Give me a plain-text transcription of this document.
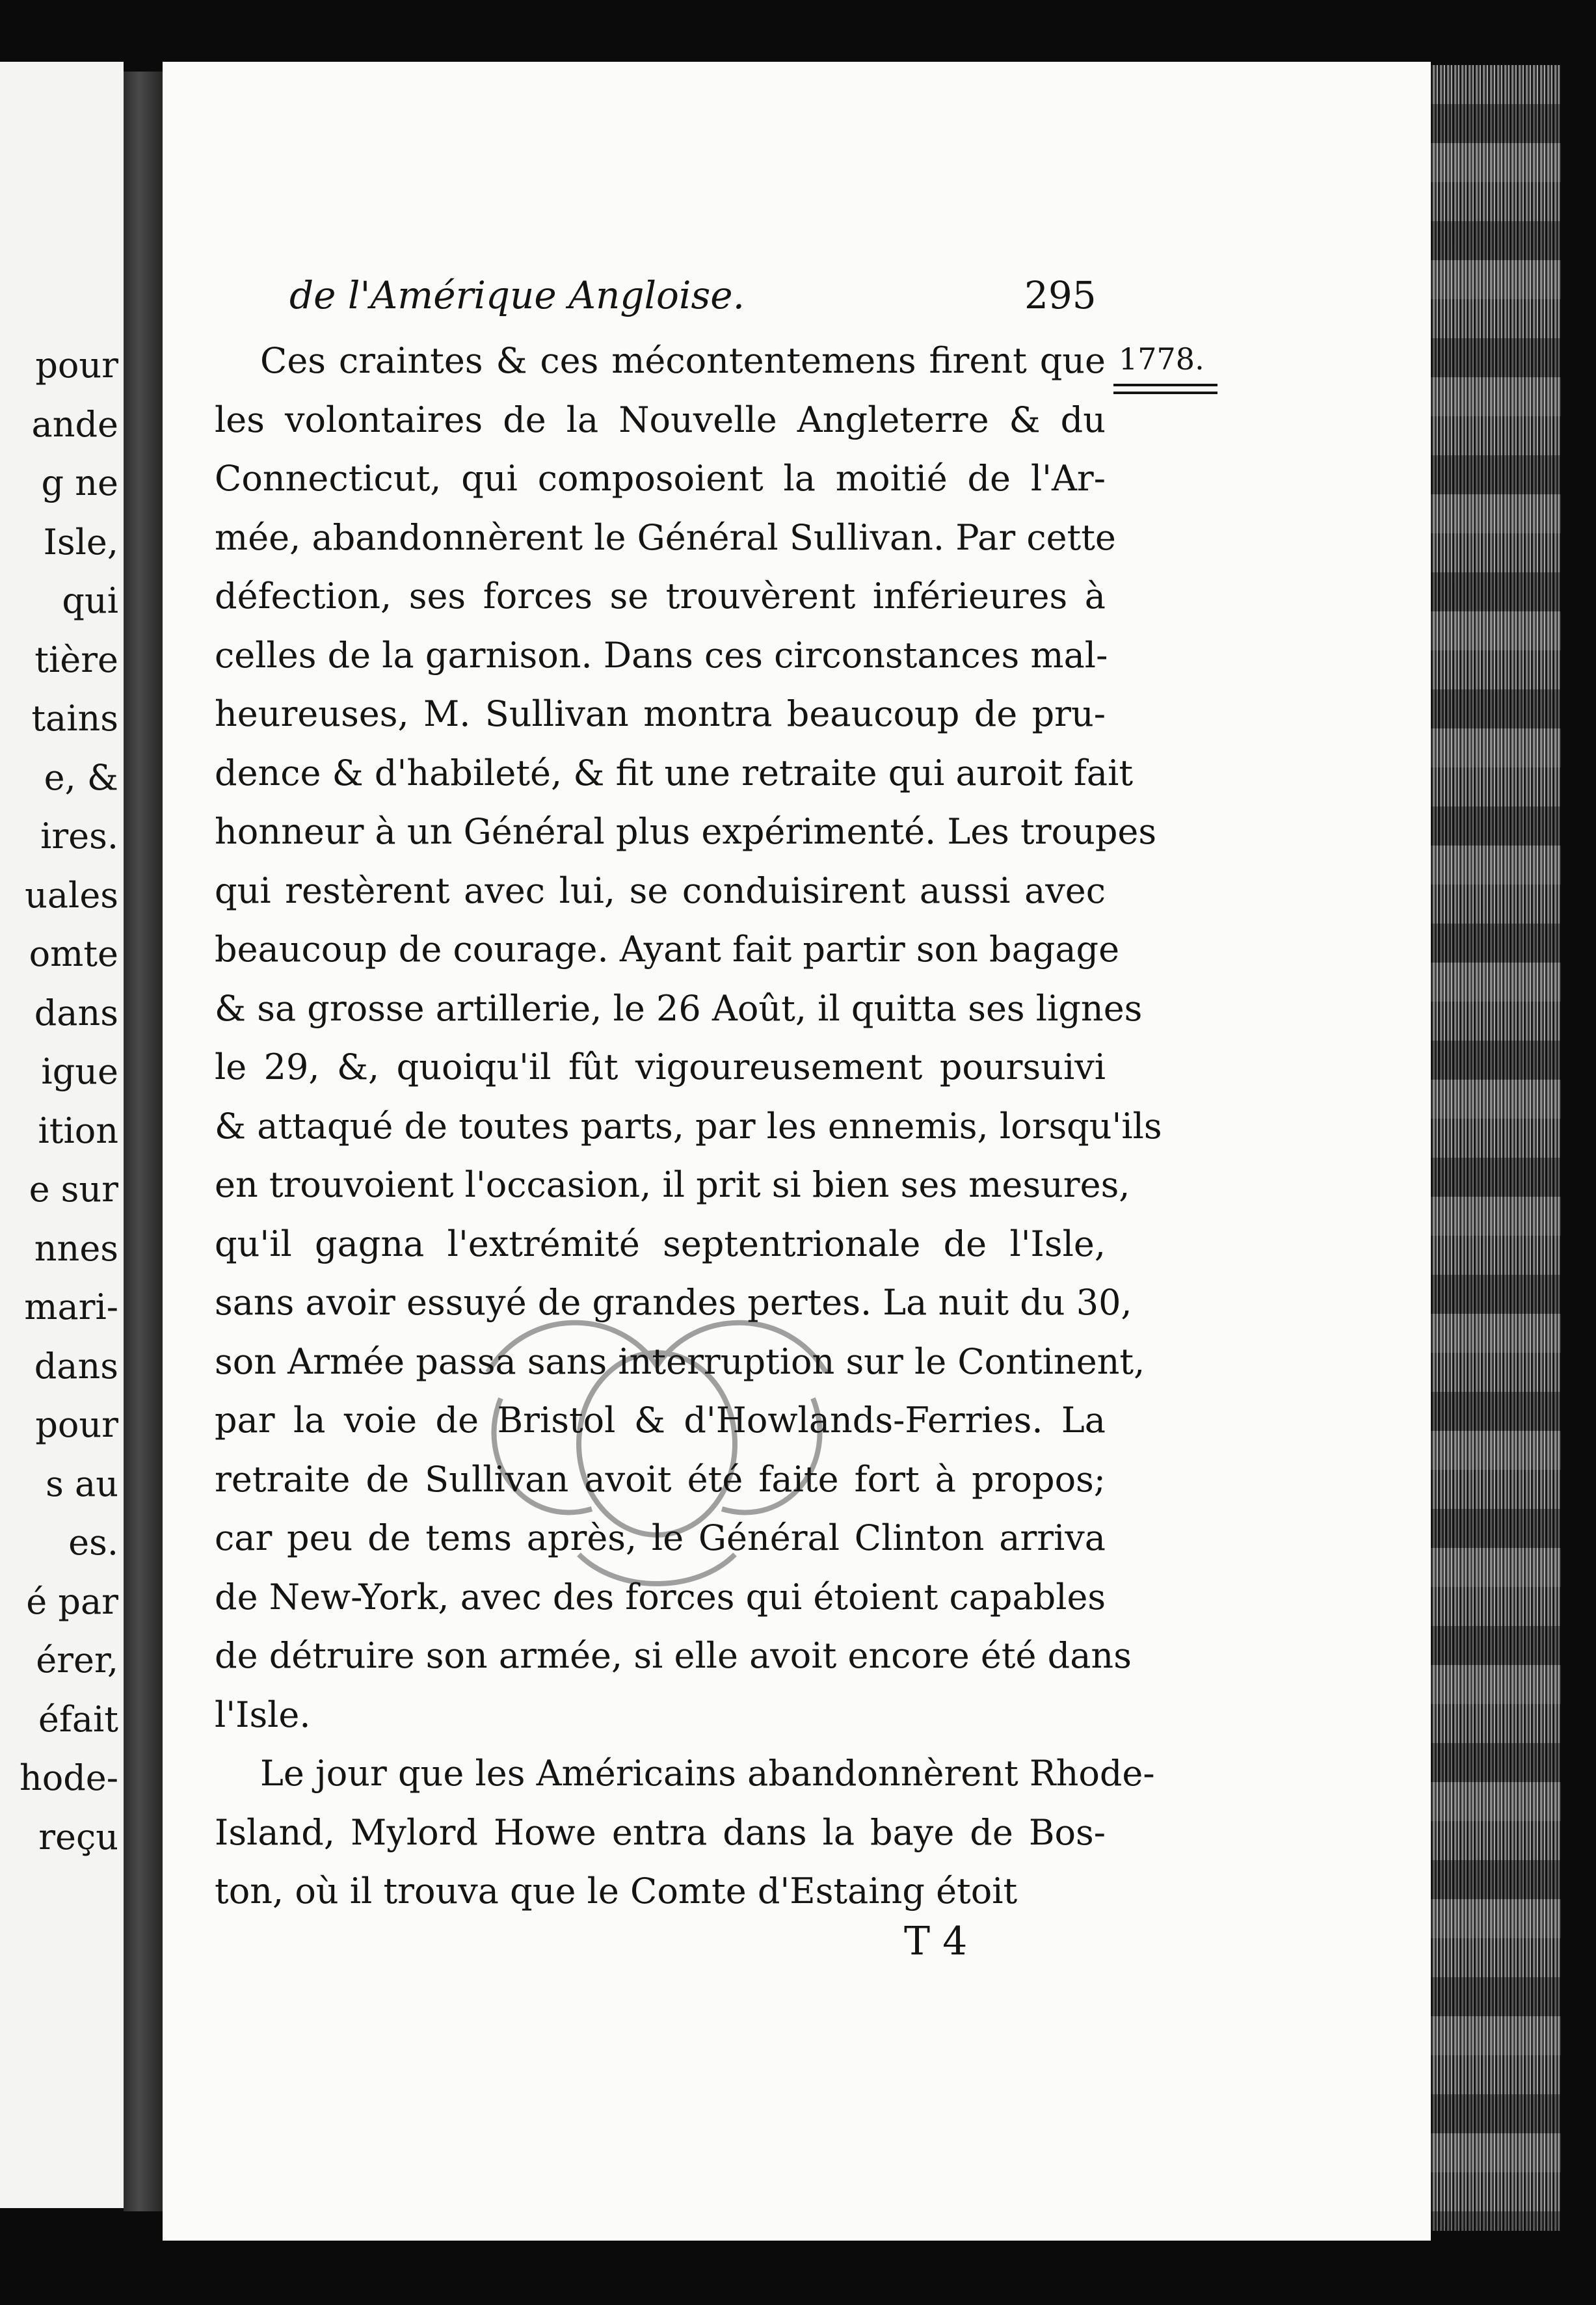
pour
ande
g ne
Isle,
qui
tière
tains
e, &
ires.
uales
omte
dans
igue
ition
e sur
nnes
mari-
dans
pour
s au
es.
é par
érer,
éfait
hode-
reçu
de l'Amérique Angloise.	295
1778.
Ces craintes & ces mécontentemens firent que
les volontaires de la Nouvelle Angleterre & du
Connecticut, qui composoient la moitié de l'Ar-
mée, abandonnèrent le Général Sullivan. Par cette
défection, ses forces se trouvèrent inférieures à
celles de la garnison. Dans ces circonstances mal-
heureuses, M. Sullivan montra beaucoup de pru-
dence & d'habileté, & fit une retraite qui auroit fait
honneur à un Général plus expérimenté. Les troupes
qui restèrent avec lui, se conduisirent aussi avec
beaucoup de courage. Ayant fait partir son bagage
& sa grosse artillerie, le 26 Août, il quitta ses lignes
le 29, &, quoiqu'il fût vigoureusement poursuivi
& attaqué de toutes parts, par les ennemis, lorsqu'ils
en trouvoient l'occasion, il prit si bien ses mesures,
qu'il gagna l'extrémité septentrionale de l'Isle,
sans avoir essuyé de grandes pertes. La nuit du 30,
son Armée passa sans interruption sur le Continent,
par la voie de Bristol & d'Howlands-Ferries. La
retraite de Sullivan avoit été faite fort à propos;
car peu de tems après, le Général Clinton arriva
de New-York, avec des forces qui étoient capables
de détruire son armée, si elle avoit encore été dans
l'Isle.
Le jour que les Américains abandonnèrent Rhode-
Island, Mylord Howe entra dans la baye de Bos-
ton, où il trouva que le Comte d'Estaing étoit
T 4
